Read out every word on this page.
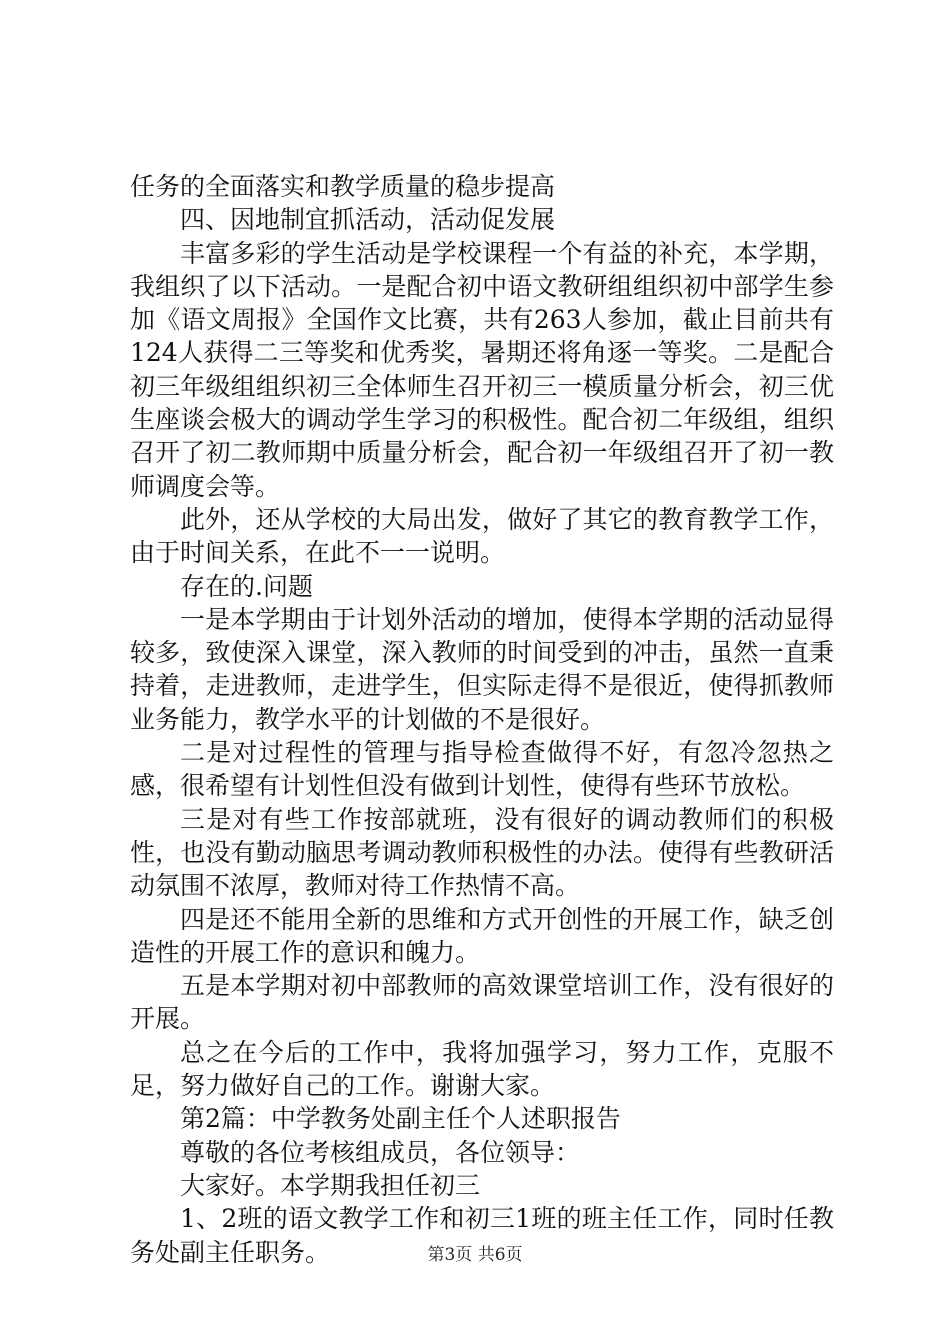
任务的全面落实和教学质量的稳步提高

四、因地制宜抓活动，活动促发展

丰富多彩的学生活动是学校课程一个有益的补充，本学期，我组织了以下活动。一是配合初中语文教研组组织初中部学生参加《语文周报》全国作文比赛，共有263人参加，截止目前共有124人获得二三等奖和优秀奖，暑期还将角逐一等奖。二是配合初三年级组组织初三全体师生召开初三一模质量分析会，初三优生座谈会极大的调动学生学习的积极性。配合初二年级组，组织召开了初二教师期中质量分析会，配合初一年级组召开了初一教师调度会等。

此外，还从学校的大局出发，做好了其它的教育教学工作，由于时间关系，在此不一一说明。

存在的.问题

一是本学期由于计划外活动的增加，使得本学期的活动显得较多，致使深入课堂，深入教师的时间受到的冲击，虽然一直秉持着，走进教师，走进学生，但实际走得不是很近，使得抓教师业务能力，教学水平的计划做的不是很好。

二是对过程性的管理与指导检查做得不好，有忽冷忽热之感，很希望有计划性但没有做到计划性，使得有些环节放松。

三是对有些工作按部就班，没有很好的调动教师们的积极性，也没有勤动脑思考调动教师积极性的办法。使得有些教研活动氛围不浓厚，教师对待工作热情不高。

四是还不能用全新的思维和方式开创性的开展工作，缺乏创造性的开展工作的意识和魄力。

五是本学期对初中部教师的高效课堂培训工作，没有很好的开展。

总之在今后的工作中，我将加强学习，努力工作，克服不足，努力做好自己的工作。谢谢大家。

第2篇：中学教务处副主任个人述职报告

尊敬的各位考核组成员，各位领导：

大家好。本学期我担任初三

1、2班的语文教学工作和初三1班的班主任工作，同时任教务处副主任职务。	第3页 共6页
